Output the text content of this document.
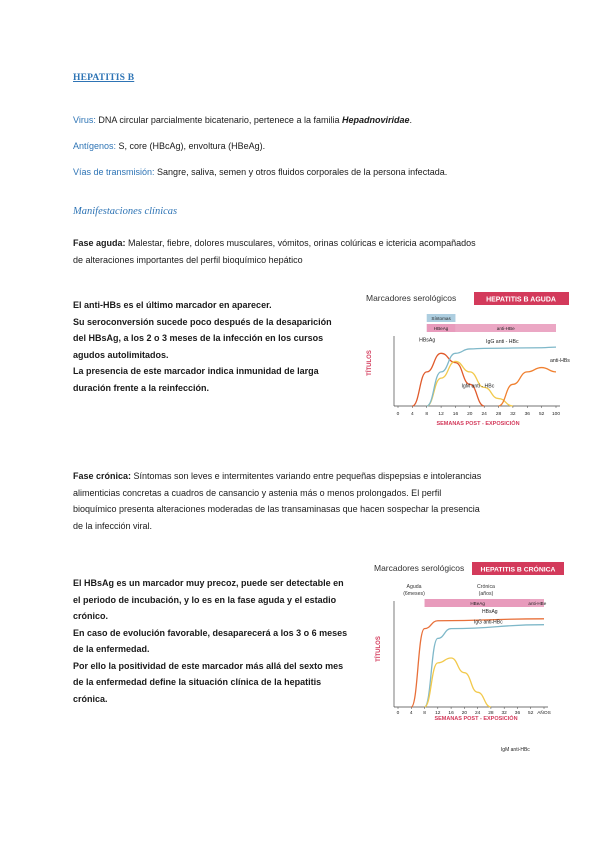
HEPATITIS B
Virus: DNA circular parcialmente bicatenario, pertenece a la familia Hepadnoviridae.
Antígenos: S, core (HBcAg), envoltura (HBeAg).
Vías de transmisión: Sangre, saliva, semen y otros fluidos corporales de la persona infectada.
Manifestaciones clínicas
Fase aguda: Malestar, fiebre, dolores musculares, vómitos, orinas colúricas e ictericia acompañados
de alteraciones importantes del perfil bioquímico hepático
El anti-HBs es el último marcador en aparecer.
Su seroconversión sucede poco después de la desaparición
del HBsAg, a los 2 o 3 meses de la infección en los cursos
agudos autolimitados.
La presencia de este marcador indica inmunidad de larga
duración frente a la reinfección.
Marcadores serológicos	HEPATITIS B AGUDA
TÍTULOS
Síntomas
HBeAg	anti-HBe
HBsAg
IgM anti - HBc
IgG anti - HBc
anti-HBs
0 4 8 12 16 20 24 28 32 36 52 100
SEMANAS POST - EXPOSICIÓN
Fase crónica: Síntomas son leves e intermitentes variando entre pequeñas dispepsias e intolerancias
alimenticias concretas a cuadros de cansancio y astenia más o menos prolongados. El perfil
bioquímico presenta alteraciones moderadas de las transaminasas que hacen sospechar la presencia
de la infección viral.
El HBsAg es un marcador muy precoz, puede ser detectable en
el periodo de incubación, y lo es en la fase aguda y el estadio
crónico.
En caso de evolución favorable, desaparecerá a los 3 o 6 meses
de la enfermedad.
Por ello la positividad de este marcador más allá del sexto mes
de la enfermedad define la situación clínica de la hepatitis
crónica.
Marcadores serológicos HEPATITIS B CRÓNICA
TÍTULOS
Aguda
(6meses)
Crónica
(años)
HBeAg	anti-HBe
HBsAg
IgG anti-HBc
IgM anti-HBc
0 4 8 12 16 20 24 28 32 36 52 AÑOS
SEMANAS POST - EXPOSICIÓN
